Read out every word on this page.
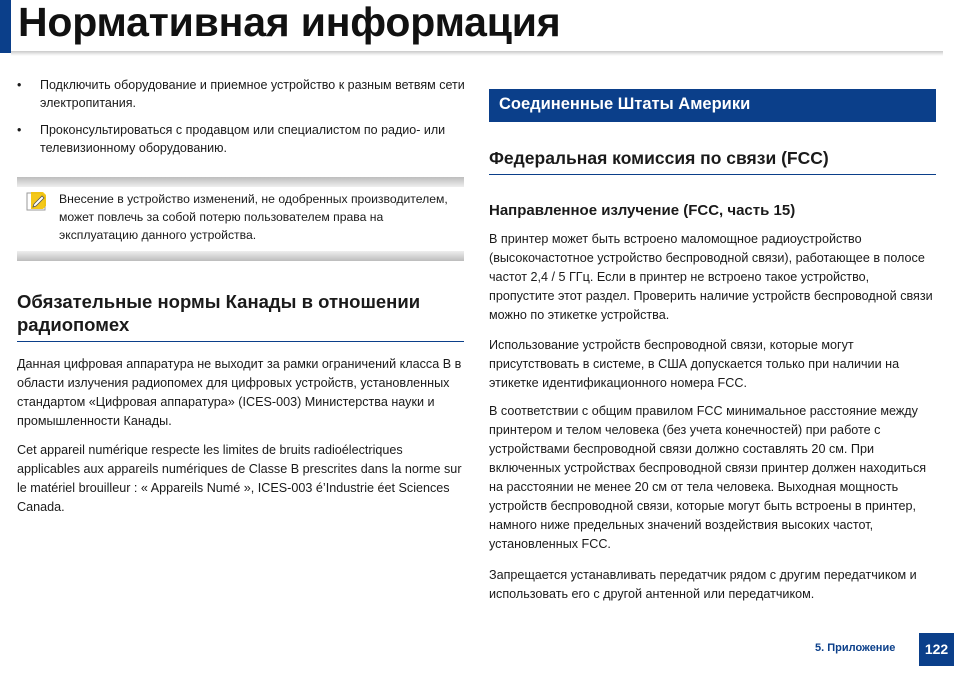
Нормативная информация
• Подключить оборудование и приемное устройство к разным ветвям сети электропитания.
• Проконсультироваться с продавцом или специалистом по радио- или телевизионному оборудованию.
Внесение в устройство изменений, не одобренных производителем, может повлечь за собой потерю пользователем права на эксплуатацию данного устройства.
Обязательные нормы Канады в отношении радиопомех

Данная цифровая аппаратура не выходит за рамки ограничений класса B в области излучения радиопомех для цифровых устройств, установленных стандартом «Цифровая аппаратура» (ICES-003) Министерства науки и промышленности Канады.

Cet appareil numérique respecte les limites de bruits radioélectriques applicables aux appareils numériques de Classe B prescrites dans la norme sur le matériel brouilleur : « Appareils Numé », ICES-003 é’Industrie éet Sciences Canada.

Соединенные Штаты Америки
Федеральная комиссия по связи (FCC)
Направленное излучение (FCC, часть 15)

В принтер может быть встроено маломощное радиоустройство (высокочастотное устройство беспроводной связи), работающее в полосе частот 2,4 / 5 ГГц. Если в принтер не встроено такое устройство, пропустите этот раздел. Проверить наличие устройств беспроводной связи можно по этикетке устройства.

Использование устройств беспроводной связи, которые могут присутствовать в системе, в США допускается только при наличии на этикетке идентификационного номера FCC.

В соответствии с общим правилом FCC минимальное расстояние между принтером и телом человека (без учета конечностей) при работе с устройствами беспроводной связи должно составлять 20 см. При включенных устройствах беспроводной связи принтер должен находиться на расстоянии не менее 20 см от тела человека. Выходная мощность устройств беспроводной связи, которые могут быть встроены в принтер, намного ниже предельных значений воздействия высоких частот, установленных FCC.

Запрещается устанавливать передатчик рядом с другим передатчиком и использовать его с другой антенной или передатчиком.

5. Приложение	122
